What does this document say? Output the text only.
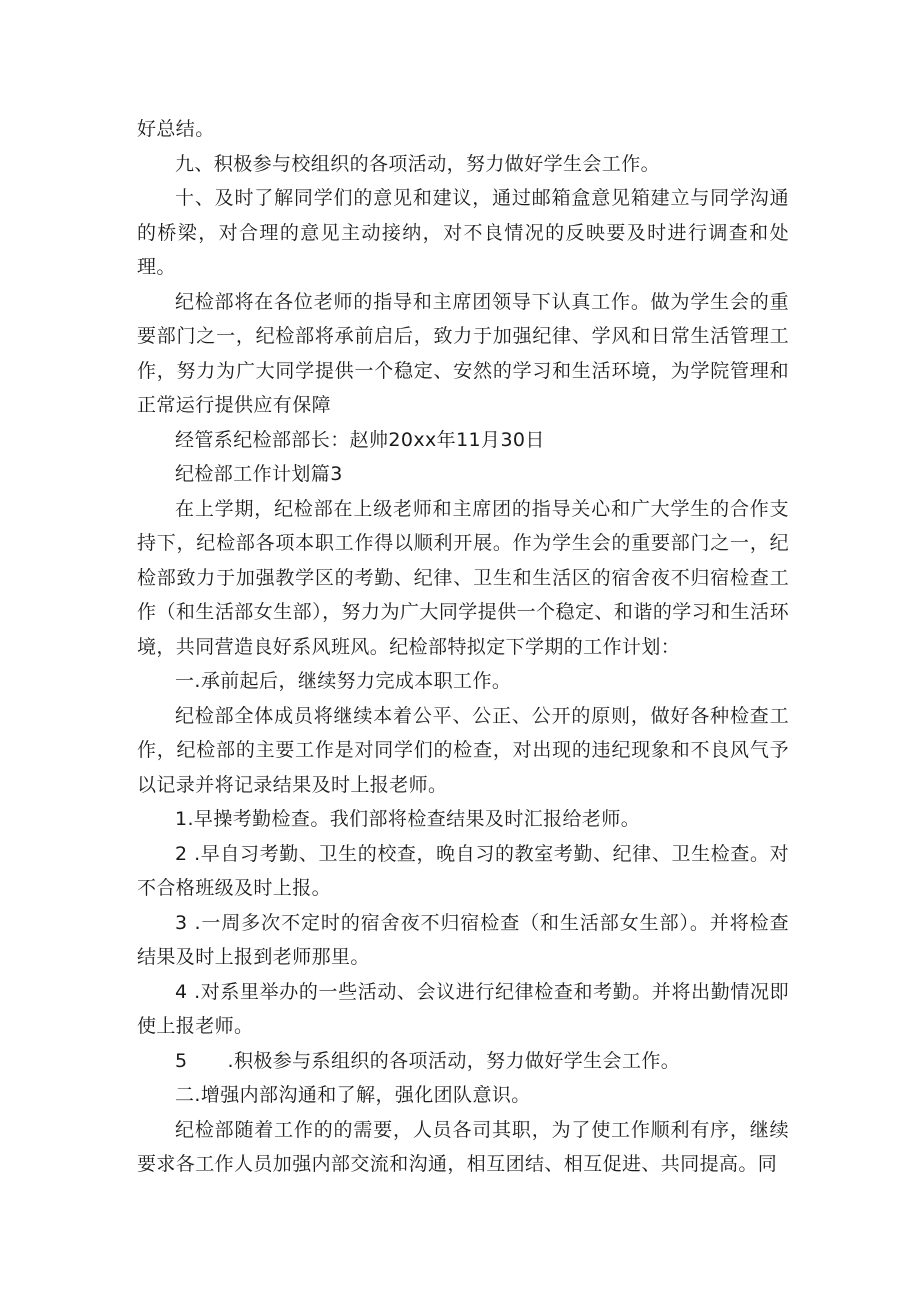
好总结。

九、积极参与校组织的各项活动，努力做好学生会工作。

十、及时了解同学们的意见和建议，通过邮箱盒意见箱建立与同学沟通的桥梁，对合理的意见主动接纳，对不良情况的反映要及时进行调查和处理。

纪检部将在各位老师的指导和主席团领导下认真工作。做为学生会的重要部门之一，纪检部将承前启后，致力于加强纪律、学风和日常生活管理工作，努力为广大同学提供一个稳定、安然的学习和生活环境，为学院管理和正常运行提供应有保障

经管系纪检部部长：赵帅20xx年11月30日

纪检部工作计划篇3

在上学期，纪检部在上级老师和主席团的指导关心和广大学生的合作支持下，纪检部各项本职工作得以顺利开展。作为学生会的重要部门之一，纪检部致力于加强教学区的考勤、纪律、卫生和生活区的宿舍夜不归宿检查工作（和生活部女生部），努力为广大同学提供一个稳定、和谐的学习和生活环境，共同营造良好系风班风。纪检部特拟定下学期的工作计划：

一.承前起后，继续努力完成本职工作。

纪检部全体成员将继续本着公平、公正、公开的原则，做好各种检查工作，纪检部的主要工作是对同学们的检查，对出现的违纪现象和不良风气予以记录并将记录结果及时上报老师。

1.早操考勤检查。我们部将检查结果及时汇报给老师。

2 .早自习考勤、卫生的校查，晚自习的教室考勤、纪律、卫生检查。对不合格班级及时上报。

3 .一周多次不定时的宿舍夜不归宿检查（和生活部女生部）。并将检查结果及时上报到老师那里。

4 .对系里举办的一些活动、会议进行纪律检查和考勤。并将出勤情况即使上报老师。

5 .积极参与系组织的各项活动，努力做好学生会工作。

二.增强内部沟通和了解，强化团队意识。

纪检部随着工作的的需要，人员各司其职，为了使工作顺利有序，继续要求各工作人员加强内部交流和沟通，相互团结、相互促进、共同提高。同
